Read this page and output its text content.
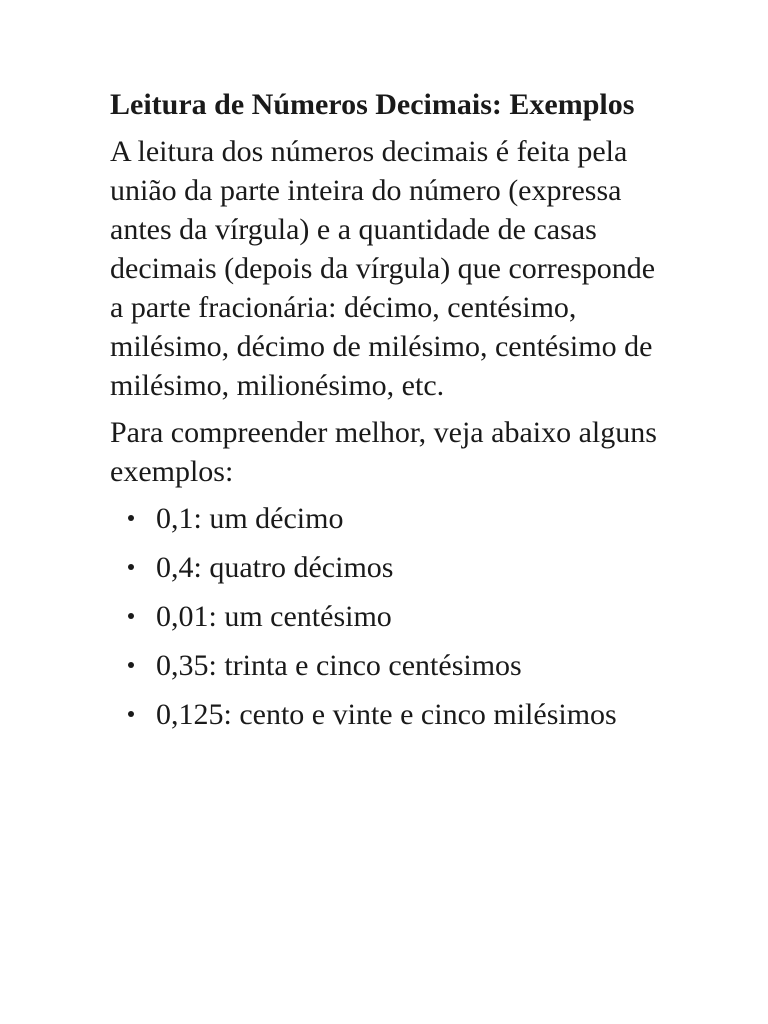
Leitura de Números Decimais: Exemplos

A leitura dos números decimais é feita pela união da parte inteira do número (expressa antes da vírgula) e a quantidade de casas decimais (depois da vírgula) que corresponde a parte fracionária: décimo, centésimo, milésimo, décimo de milésimo, centésimo de milésimo, milionésimo, etc.

Para compreender melhor, veja abaixo alguns exemplos:

0,1: um décimo
0,4: quatro décimos
0,01: um centésimo
0,35: trinta e cinco centésimos
0,125: cento e vinte e cinco milésimos
